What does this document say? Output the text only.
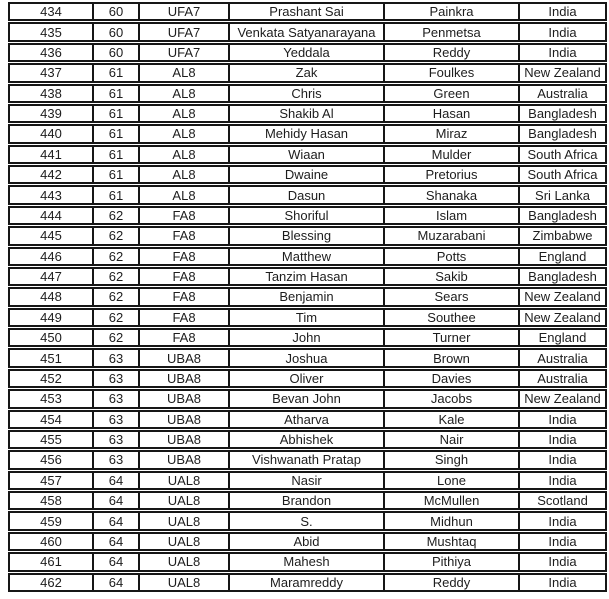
434	60	UFA7	Prashant Sai	Painkra	India
435	60	UFA7	Venkata Satyanarayana	Penmetsa	India
436	60	UFA7	Yeddala	Reddy	India
437	61	AL8	Zak	Foulkes	New Zealand
438	61	AL8	Chris	Green	Australia
439	61	AL8	Shakib Al	Hasan	Bangladesh
440	61	AL8	Mehidy Hasan	Miraz	Bangladesh
441	61	AL8	Wiaan	Mulder	South Africa
442	61	AL8	Dwaine	Pretorius	South Africa
443	61	AL8	Dasun	Shanaka	Sri Lanka
444	62	FA8	Shoriful	Islam	Bangladesh
445	62	FA8	Blessing	Muzarabani	Zimbabwe
446	62	FA8	Matthew	Potts	England
447	62	FA8	Tanzim Hasan	Sakib	Bangladesh
448	62	FA8	Benjamin	Sears	New Zealand
449	62	FA8	Tim	Southee	New Zealand
450	62	FA8	John	Turner	England
451	63	UBA8	Joshua	Brown	Australia
452	63	UBA8	Oliver	Davies	Australia
453	63	UBA8	Bevan John	Jacobs	New Zealand
454	63	UBA8	Atharva	Kale	India
455	63	UBA8	Abhishek	Nair	India
456	63	UBA8	Vishwanath Pratap	Singh	India
457	64	UAL8	Nasir	Lone	India
458	64	UAL8	Brandon	McMullen	Scotland
459	64	UAL8	S.	Midhun	India
460	64	UAL8	Abid	Mushtaq	India
461	64	UAL8	Mahesh	Pithiya	India
462	64	UAL8	Maramreddy	Reddy	India
